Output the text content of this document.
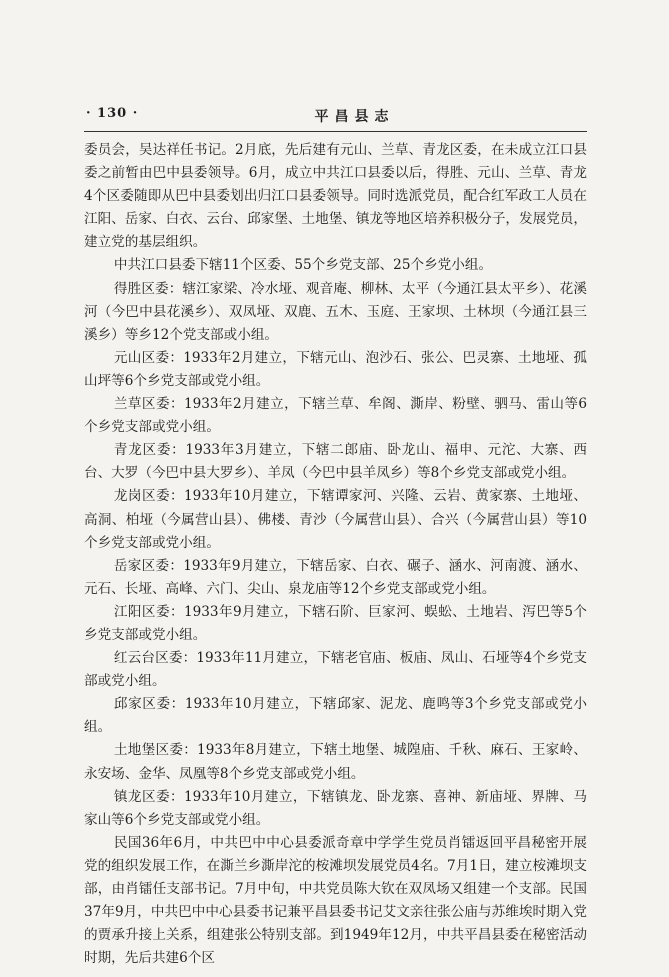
· 130 ·	平昌县志

委员会，吴达祥任书记。2月底，先后建有元山、兰草、青龙区委，在未成立江口县委之前暂由巴中县委领导。6月，成立中共江口县委以后，得胜、元山、兰草、青龙4个区委随即从巴中县委划出归江口县委领导。同时选派党员，配合红军政工人员在江阳、岳家、白衣、云台、邱家堡、土地堡、镇龙等地区培养积极分子，发展党员，建立党的基层组织。

中共江口县委下辖11个区委、55个乡党支部、25个乡党小组。

得胜区委：辖江家梁、冷水垭、观音庵、柳林、太平（今通江县太平乡）、花溪河（今巴中县花溪乡）、双凤垭、双鹿、五木、玉庭、王家坝、土林坝（今通江县三溪乡）等乡12个党支部或小组。

元山区委：1933年2月建立，下辖元山、泡沙石、张公、巴灵寨、土地垭、孤山坪等6个乡党支部或党小组。

兰草区委：1933年2月建立，下辖兰草、牟阁、澌岸、粉壁、驷马、雷山等6个乡党支部或党小组。

青龙区委：1933年3月建立，下辖二郎庙、卧龙山、福申、元沱、大寨、西台、大罗（今巴中县大罗乡）、羊凤（今巴中县羊凤乡）等8个乡党支部或党小组。

龙岗区委：1933年10月建立，下辖谭家河、兴隆、云岩、黄家寨、土地垭、高洞、柏垭（今属营山县）、佛楼、青沙（今属营山县）、合兴（今属营山县）等10个乡党支部或党小组。

岳家区委：1933年9月建立，下辖岳家、白衣、碾子、涵水、河南渡、涵水、元石、长垭、高峰、六门、尖山、泉龙庙等12个乡党支部或党小组。

江阳区委：1933年9月建立，下辖石阶、巨家河、蜈蚣、土地岩、泻巴等5个乡党支部或党小组。

红云台区委：1933年11月建立，下辖老官庙、板庙、凤山、石垭等4个乡党支部或党小组。

邱家区委：1933年10月建立，下辖邱家、泥龙、鹿鸣等3个乡党支部或党小组。

土地堡区委：1933年8月建立，下辖土地堡、城隍庙、千秋、麻石、王家岭、永安场、金华、凤凰等8个乡党支部或党小组。

镇龙区委：1933年10月建立，下辖镇龙、卧龙寨、喜神、新庙垭、界牌、马家山等6个乡党支部或党小组。

民国36年6月，中共巴中中心县委派奇章中学学生党员肖镭返回平昌秘密开展党的组织发展工作，在澌兰乡澌岸沱的桉滩坝发展党员4名。7月1日，建立桉滩坝支部，由肖镭任支部书记。7月中旬，中共党员陈大钦在双凤场又组建一个支部。民国37年9月，中共巴中中心县委书记兼平昌县委书记艾文亲往张公庙与苏维埃时期入党的贾承升接上关系，组建张公特别支部。到1949年12月，中共平昌县委在秘密活动时期，先后共建6个区
